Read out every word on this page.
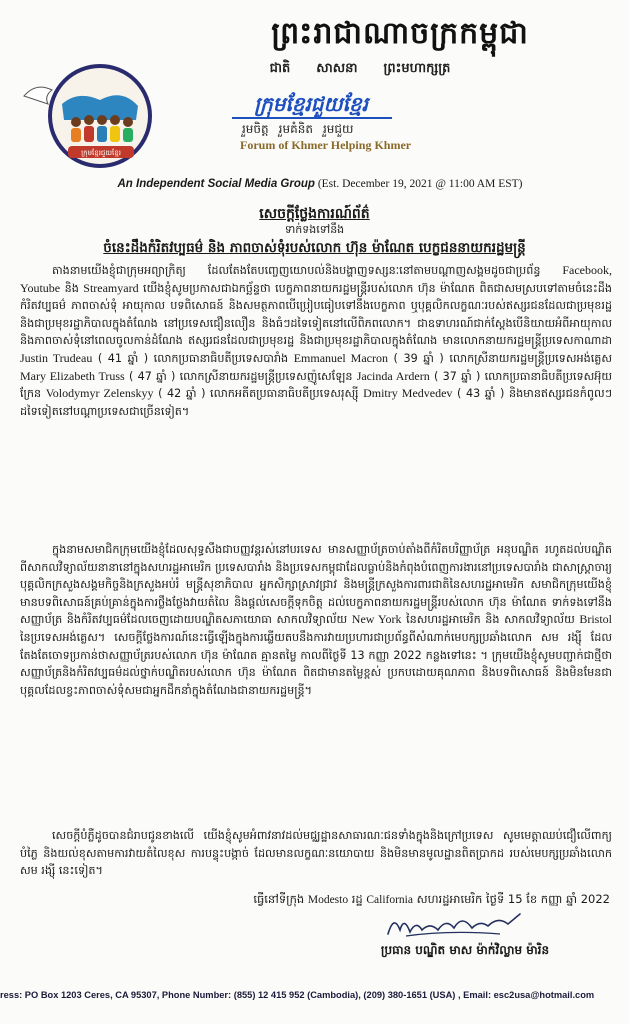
ព្រះរាជាណាចក្រកម្ពុជា
ជាតិ សាសនា ព្រះមហាក្សត្រ
ក្រុមខ្មែរជួយខ្មែរ
ក្រុមខ្មែរជួយខ្មែរ
រួមចិត្ត រួមគំនិត រួមជួយ
Forum of Khmer Helping Khmer
An Independent Social Media Group (Est. December 19, 2021 @ 11:00 AM EST)
សេចក្តីថ្លែងការណ៍ព័ត៌
ទាក់ទងទៅនឹង
ចំនេះដឹងកំរិតវប្បធម៌ និង ភាពចាស់ទុំរបស់លោក ហ៊ុន ម៉ាណែត បេក្ខជននាយករដ្ឋមន្ត្រី

តាងនាមយើងខ្ញុំជាក្រុមអព្យាក្រិត្យ ដែលតែងតែបញ្ចេញយោបល់និងបង្ហាញទស្សនៈនៅតាមបណ្តាញសង្គមដូចជាប្រព័ន្ធ Facebook, Youtube និង Streamyard យើងខ្ញុំសូមប្រកាសជាឯកច្ឆ័ន្ទថា បេក្ខភាពនាយករដ្ឋមន្ត្រីរបស់លោក ហ៊ុន ម៉ាណែត ពិតជាសមស្របទៅតាមចំនេះដឹង កំរិតវប្បធម៌ ភាពចាស់ទុំ អាយុកាល បទពិសោធន៍ និងសមត្ថភាពបើប្រៀបធៀបទៅនឹងបេក្ខភាព ឬបុគ្គលិកលក្ខណៈរបស់ឥស្សរជនដែលជាប្រមុខរដ្ឋ និងជាប្រមុខរដ្ឋាភិបាលក្នុងតំណែង នៅប្រទេសជឿនលឿន និងធំៗដទៃទៀតនៅលើពិភពលោក។ ជាឧទាហរណ៍ជាក់ស្តែងបើនិយាយអំពីអាយុកាលនិងភាពចាស់ទុំនៅពេលចូលកាន់ដំណែង ឥស្សរជនដែលជាប្រមុខរដ្ឋ និងជាប្រមុខរដ្ឋាភិបាលក្នុងតំណែង មានលោកនាយករដ្ឋមន្ត្រីប្រទេសកាណាដា Justin Trudeau ( 41 ឆ្នាំ ) លោកប្រធានាធិបតីប្រទេសបារាំង Emmanuel Macron ( 39 ឆ្នាំ ) លោកស្រីនាយករដ្ឋមន្ត្រីប្រទេសអង់គ្លេស Mary Elizabeth Truss ( 47 ឆ្នាំ ) លោកស្រីនាយករដ្ឋមន្ត្រីប្រទេសញ៉ូសេឡែន Jacinda Ardern ( 37 ឆ្នាំ ) លោកប្រធានាធិបតីប្រទេសអ៊ុយក្រែន Volodymyr Zelenskyy ( 42 ឆ្នាំ ) លោកអតីតប្រធានាធិបតីប្រទេសរុស្ស៊ី Dmitry Medvedev ( 43 ឆ្នាំ ) និងមានឥស្សរជនកំពូលៗដទៃទៀតនៅបណ្តាប្រទេសជាច្រើនទៀត។

ក្នុងនាមសមាជិកក្រុមយើងខ្ញុំដែលសុទ្ធសឹងជាបញ្ញវន្តរស់នៅបរទេស មានសញ្ញាប័ត្រចាប់តាំងពីកំរិតបរិញ្ញាប័ត្រ អនុបណ្ឌិត រហូតដល់បណ្ឌិតពីសាកលវិទ្យាល័យនានានៅក្នុងសហរដ្ឋអាមេរិក ប្រទេសបារាំង និងប្រទេសកម្ពុជាដែលធ្លាប់និងកំពុងបំពេញការងារនៅប្រទេសបារាំង ជាសាស្ត្រាចារ្យ បុគ្គលិកក្រសួងសង្គមកិច្ចនិងក្រសួងអប់រំ មន្ត្រីសុខាភិបាល អ្នកសិក្សាស្រាវជ្រាវ និងមន្ត្រីក្រសួងការពារជាតិនៃសហរដ្ឋអាមេរិក សមាជិកក្រុមយើងខ្ញុំមានបទពិសោធន៍គ្រប់គ្រាន់ក្នុងការថ្លឹងថ្លែងវាយតំលៃ និងផ្តល់សេចក្តីទុកចិត្ត ដល់បេក្ខភាពនាយករដ្ឋមន្ត្រីរបស់លោក ហ៊ុន ម៉ាណែត ទាក់ទងទៅនឹងសញ្ញាប័ត្រ និងកំរិតវប្បធម៌ដែលចេញដោយបណ្ឌិតសភាយោធា សាកលវិទ្យាល័យ New York នៃសហរដ្ឋអាមេរិក និង សាកលវិទ្យាល័យ Bristol នៃប្រទេសអង់គ្លេស។ សេចក្តីថ្លែងការណ៍នេះធ្វើឡើងក្នុងការឆ្លើយតបនឹងការវាយប្រហារជាប្រព័ន្ធពីសំណាក់មេបក្សប្រឆាំងលោក សម រង្ស៊ី ដែលតែងតែចោទប្រកាន់ថាសញ្ញាប័ត្ររបស់លោក ហ៊ុន ម៉ាណែត គ្មានតម្លៃ កាលពីថ្ងៃទី 13 កញ្ញា 2022 កន្លងទៅនេះ ។ ក្រុមយើងខ្ញុំសូមបញ្ជាក់ជាថ្មីថា សញ្ញាប័ត្រនិងកំរិតវប្បធម៌ដល់ថ្នាក់បណ្ឌិតរបស់លោក ហ៊ុន ម៉ាណែត ពិតជាមានតម្លៃខ្ពស់ ប្រកបដោយគុណភាព និងបទពិសោធន៍ និងមិនមែនជាបុគ្គលដែលខ្វះភាពចាស់ទុំសមជាអ្នកដឹកនាំក្នុងតំណែងជានាយករដ្ឋមន្ត្រី។

សេចក្តីបំភ្លឺដូចបានជំរាបជូនខាងលើ យើងខ្ញុំសូមអំពាវនាវដល់មជ្ឈដ្ឋានសាធារណៈជនទាំងក្នុងនិងក្រៅប្រទេស សូមមេត្តាឈប់ជឿលើពាក្យបំភ្លៃ និងយល់ខុសតាមការវាយតំលៃខុស ការបន្ទុះបង្កាច់ ដែលមានលក្ខណៈនយោបាយ និងមិនមានមូលដ្ឋានពិតប្រាកដ របស់មេបក្សប្រឆាំងលោក សម រង្ស៊ី នេះទៀត។

ធ្វើនៅទីក្រុង Modesto រដ្ឋ California សហរដ្ឋអាមេរិក ថ្ងៃទី 15 ខែ កញ្ញា ឆ្នាំ 2022
ប្រធាន បណ្ឌិត មាស ម៉ាក់វិល្លាម ម៉ារិន
ress: PO Box 1203 Ceres, CA 95307, Phone Number: (855) 12 415 952 (Cambodia), (209) 380-1651 (USA) , Email: esc2usa@hotmail.com
